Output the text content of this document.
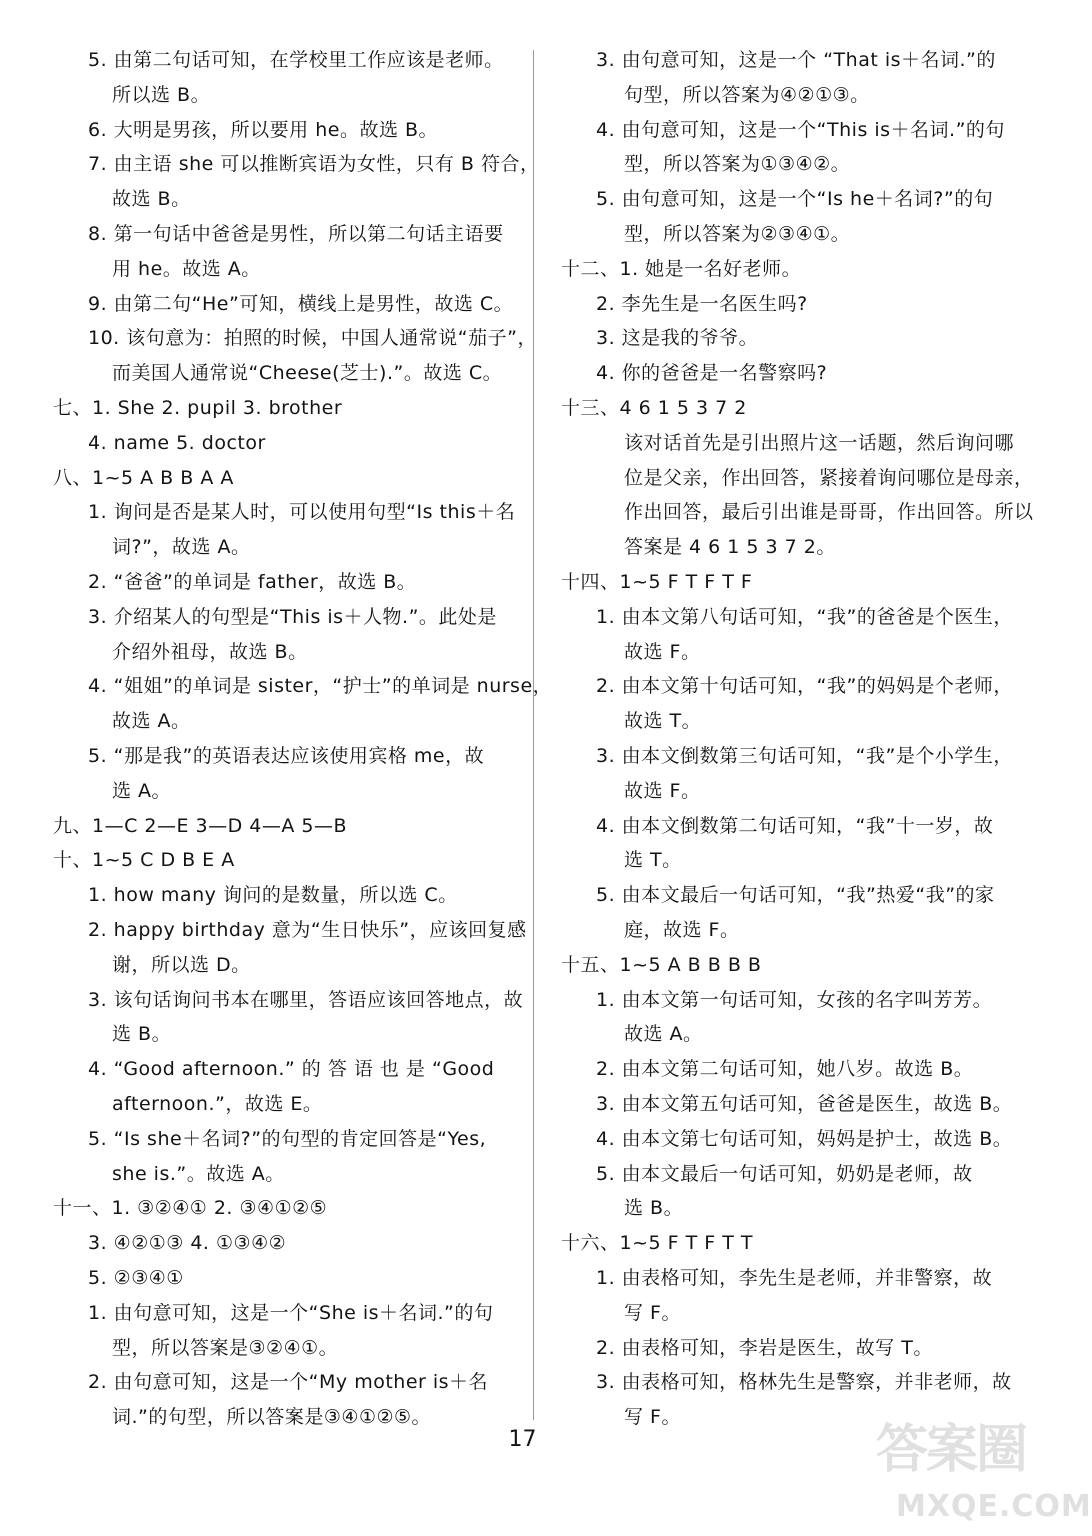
5. 由第二句话可知，在学校里工作应该是老师。
所以选 B。
6. 大明是男孩，所以要用 he。故选 B。
7. 由主语 she 可以推断宾语为女性，只有 B 符合，
故选 B。
8. 第一句话中爸爸是男性，所以第二句话主语要
用 he。故选 A。
9. 由第二句“He”可知，横线上是男性，故选 C。
10. 该句意为：拍照的时候，中国人通常说“茄子”，
而美国人通常说“Cheese(芝士).”。故选 C。
七、1. She 2. pupil 3. brother
4. name 5. doctor
八、1~5 A B B A A
1. 询问是否是某人时，可以使用句型“Is this＋名
词?”，故选 A。
2. “爸爸”的单词是 father，故选 B。
3. 介绍某人的句型是“This is＋人物.”。此处是
介绍外祖母，故选 B。
4. “姐姐”的单词是 sister，“护士”的单词是 nurse，
故选 A。
5. “那是我”的英语表达应该使用宾格 me，故
选 A。
九、1—C 2—E 3—D 4—A 5—B
十、1~5 C D B E A
1. how many 询问的是数量，所以选 C。
2. happy birthday 意为“生日快乐”，应该回复感
谢，所以选 D。
3. 该句话询问书本在哪里，答语应该回答地点，故
选 B。
4. “Good afternoon.” 的 答 语 也 是 “Good
afternoon.”，故选 E。
5. “Is she＋名词?”的句型的肯定回答是“Yes,
she is.”。故选 A。
十一、1. ③②④① 2. ③④①②⑤
3. ④②①③ 4. ①③④②
5. ②③④①
1. 由句意可知，这是一个“She is＋名词.”的句
型，所以答案是③②④①。
2. 由句意可知，这是一个“My mother is＋名
词.”的句型，所以答案是③④①②⑤。
3. 由句意可知，这是一个 “That is＋名词.”的
句型，所以答案为④②①③。
4. 由句意可知，这是一个“This is＋名词.”的句
型，所以答案为①③④②。
5. 由句意可知，这是一个“Is he＋名词?”的句
型，所以答案为②③④①。
十二、1. 她是一名好老师。
2. 李先生是一名医生吗?
3. 这是我的爷爷。
4. 你的爸爸是一名警察吗?
十三、4 6 1 5 3 7 2
该对话首先是引出照片这一话题，然后询问哪
位是父亲，作出回答，紧接着询问哪位是母亲，
作出回答，最后引出谁是哥哥，作出回答。所以
答案是 4 6 1 5 3 7 2。
十四、1~5 F T F T F
1. 由本文第八句话可知，“我”的爸爸是个医生，
故选 F。
2. 由本文第十句话可知，“我”的妈妈是个老师，
故选 T。
3. 由本文倒数第三句话可知，“我”是个小学生，
故选 F。
4. 由本文倒数第二句话可知，“我”十一岁，故
选 T。
5. 由本文最后一句话可知，“我”热爱“我”的家
庭，故选 F。
十五、1~5 A B B B B
1. 由本文第一句话可知，女孩的名字叫芳芳。
故选 A。
2. 由本文第二句话可知，她八岁。故选 B。
3. 由本文第五句话可知，爸爸是医生，故选 B。
4. 由本文第七句话可知，妈妈是护士，故选 B。
5. 由本文最后一句话可知，奶奶是老师，故
选 B。
十六、1~5 F T F T T
1. 由表格可知，李先生是老师，并非警察，故
写 F。
2. 由表格可知，李岩是医生，故写 T。
3. 由表格可知，格林先生是警察，并非老师，故
写 F。
17	答案圈
MXQE.COM
